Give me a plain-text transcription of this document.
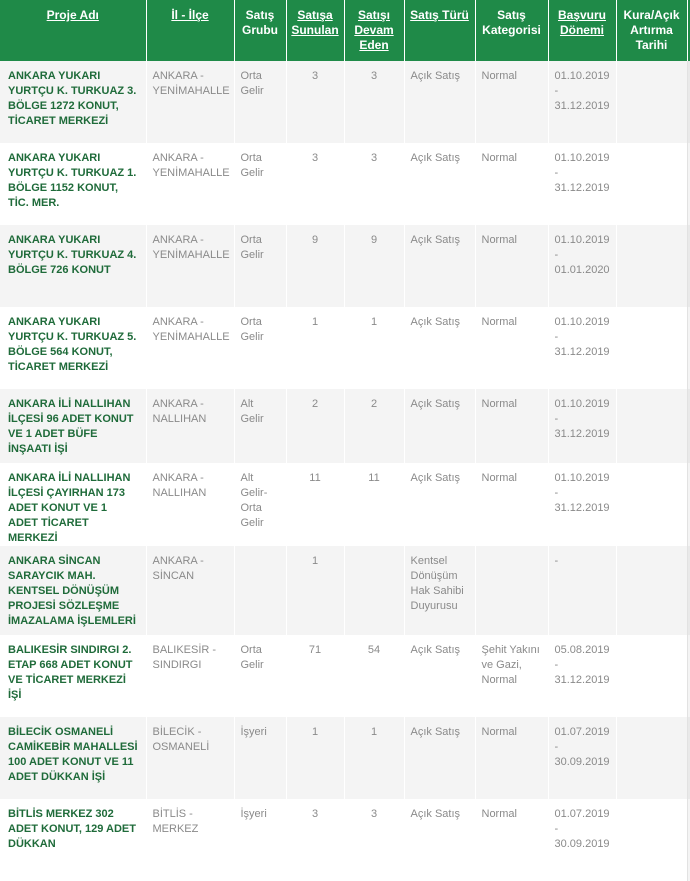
Proje Adı	İl - İlçe	Satış Grubu	Satışa Sunulan	Satışı Devam Eden	Satış Türü	Satış Kategorisi	Başvuru Dönemi	Kura/Açık Artırma Tarihi	
ANKARA YUKARI YURTÇU K. TURKUAZ 3. BÖLGE 1272 KONUT, TİCARET MERKEZİ	ANKARA - YENİMAHALLE	Orta Gelir	3	3	Açık Satış	Normal	01.10.2019 - 31.12.2019		
ANKARA YUKARI YURTÇU K. TURKUAZ 1. BÖLGE 1152 KONUT, TİC. MER.	ANKARA - YENİMAHALLE	Orta Gelir	3	3	Açık Satış	Normal	01.10.2019 - 31.12.2019		
ANKARA YUKARI YURTÇU K. TURKUAZ 4. BÖLGE 726 KONUT	ANKARA - YENİMAHALLE	Orta Gelir	9	9	Açık Satış	Normal	01.10.2019 - 01.01.2020		
ANKARA YUKARI YURTÇU K. TURKUAZ 5. BÖLGE 564 KONUT, TİCARET MERKEZİ	ANKARA - YENİMAHALLE	Orta Gelir	1	1	Açık Satış	Normal	01.10.2019 - 31.12.2019		
ANKARA İLİ NALLIHAN İLÇESİ 96 ADET KONUT VE 1 ADET BÜFE İNŞAATI İŞİ	ANKARA - NALLIHAN	Alt Gelir	2	2	Açık Satış	Normal	01.10.2019 - 31.12.2019		
ANKARA İLİ NALLIHAN İLÇESİ ÇAYIRHAN 173 ADET KONUT VE 1 ADET TİCARET MERKEZİ	ANKARA - NALLIHAN	Alt Gelir-Orta Gelir	11	11	Açık Satış	Normal	01.10.2019 - 31.12.2019		
ANKARA SİNCAN SARAYCIK MAH. KENTSEL DÖNÜŞÜM PROJESİ SÖZLEŞME İMAZALAMA İŞLEMLERİ	ANKARA - SİNCAN		1		Kentsel Dönüşüm Hak Sahibi Duyurusu		-		
BALIKESİR SINDIRGI 2. ETAP 668 ADET KONUT VE TİCARET MERKEZİ İŞİ	BALIKESİR - SINDIRGI	Orta Gelir	71	54	Açık Satış	Şehit Yakını ve Gazi, Normal	05.08.2019 - 31.12.2019		
BİLECİK OSMANELİ CAMİKEBİR MAHALLESİ 100 ADET KONUT VE 11 ADET DÜKKAN İŞİ	BİLECİK - OSMANELİ	İşyeri	1	1	Açık Satış	Normal	01.07.2019 - 30.09.2019		
BİTLİS MERKEZ 302 ADET KONUT, 129 ADET DÜKKAN	BİTLİS - MERKEZ	İşyeri	3	3	Açık Satış	Normal	01.07.2019 - 30.09.2019		
